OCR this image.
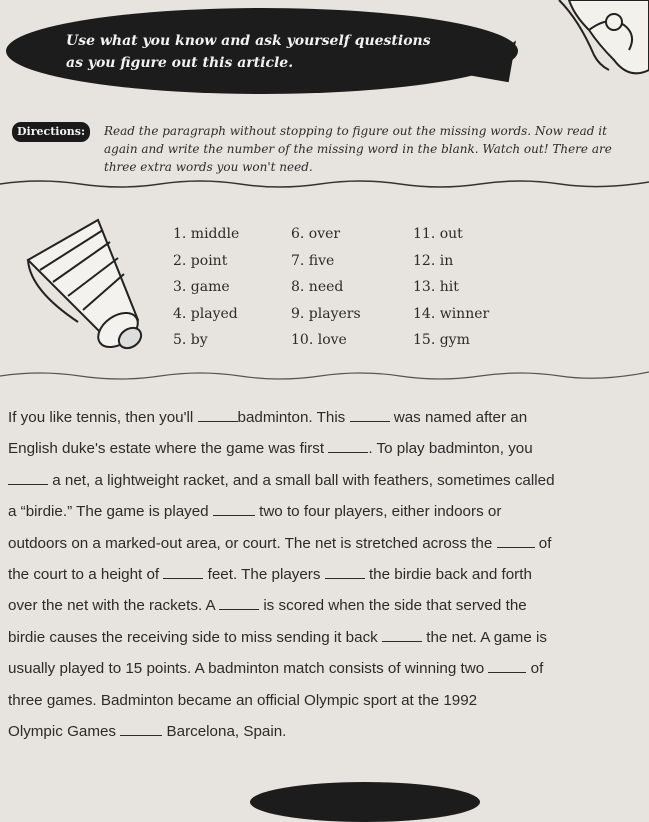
Use what you know and ask yourself questions
as you figure out this article.
Directions: Read the paragraph without stopping to figure out the missing words. Now read it again and write the number of the missing word in the blank. Watch out! There are three extra words you won't need.
1. middle
2. point
3. game
4. played
5. by
6. over
7. five
8. need
9. players
10. love
11. out
12. in
13. hit
14. winner
15. gym
If you like tennis, then you'll	badminton. This	was named after an
English duke's estate where the game was first	. To play badminton, you
a net, a lightweight racket, and a small ball with feathers, sometimes called
a “birdie.” The game is played	two to four players, either indoors or
outdoors on a marked-out area, or court. The net is stretched across the	of
the court to a height of	feet. The players	the birdie back and forth
over the net with the rackets. A	is scored when the side that served the
birdie causes the receiving side to miss sending it back	the net. A game is
usually played to 15 points. A badminton match consists of winning two	of
three games. Badminton became an official Olympic sport at the 1992
Olympic Games	Barcelona, Spain.
